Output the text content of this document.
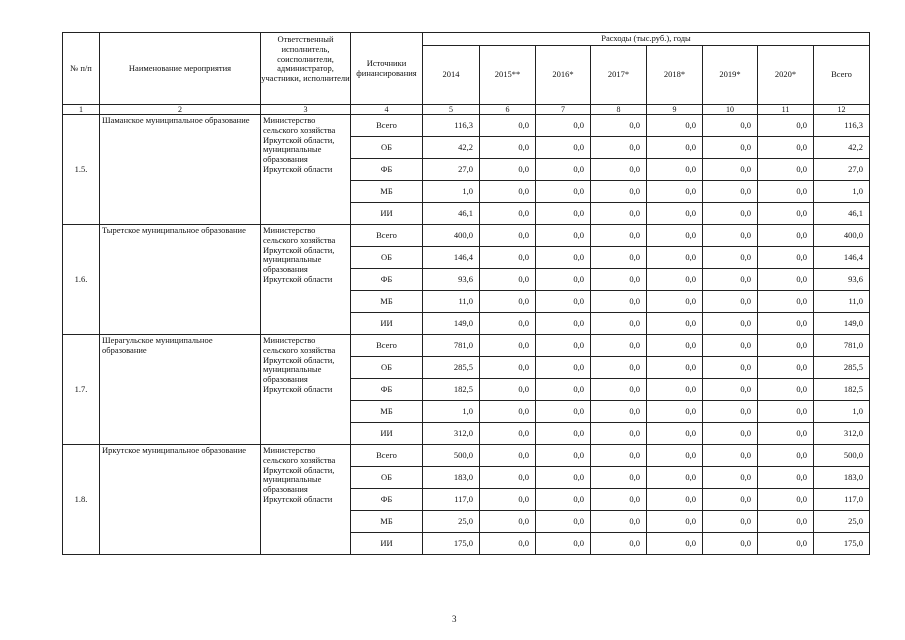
№ п/п	Наименование мероприятия	Ответственный исполнитель, соисполнители, администратор, участники, исполнители	Источники финансирования	Расходы (тыс.руб.), годы							
				2014	2015**	2016*	2017*	2018*	2019*	2020*	Всего
1	2	3	4	5	6	7	8	9	10	11	12
1.5.	Шаманское муниципальное образование	Министерство сельского хозяйства Иркутской области, муниципальные образования Иркутской области	Всего	116,3	0,0	0,0	0,0	0,0	0,0	0,0	116,3
			ОБ	42,2	0,0	0,0	0,0	0,0	0,0	0,0	42,2
			ФБ	27,0	0,0	0,0	0,0	0,0	0,0	0,0	27,0
			МБ	1,0	0,0	0,0	0,0	0,0	0,0	0,0	1,0
			ИИ	46,1	0,0	0,0	0,0	0,0	0,0	0,0	46,1
1.6.	Тыретское муниципальное образование	Министерство сельского хозяйства Иркутской области, муниципальные образования Иркутской области	Всего	400,0	0,0	0,0	0,0	0,0	0,0	0,0	400,0
			ОБ	146,4	0,0	0,0	0,0	0,0	0,0	0,0	146,4
			ФБ	93,6	0,0	0,0	0,0	0,0	0,0	0,0	93,6
			МБ	11,0	0,0	0,0	0,0	0,0	0,0	0,0	11,0
			ИИ	149,0	0,0	0,0	0,0	0,0	0,0	0,0	149,0
1.7.	Шерагульское муниципальное образование	Министерство сельского хозяйства Иркутской области, муниципальные образования Иркутской области	Всего	781,0	0,0	0,0	0,0	0,0	0,0	0,0	781,0
			ОБ	285,5	0,0	0,0	0,0	0,0	0,0	0,0	285,5
			ФБ	182,5	0,0	0,0	0,0	0,0	0,0	0,0	182,5
			МБ	1,0	0,0	0,0	0,0	0,0	0,0	0,0	1,0
			ИИ	312,0	0,0	0,0	0,0	0,0	0,0	0,0	312,0
1.8.	Иркутское муниципальное образование	Министерство сельского хозяйства Иркутской области, муниципальные образования Иркутской области	Всего	500,0	0,0	0,0	0,0	0,0	0,0	0,0	500,0
			ОБ	183,0	0,0	0,0	0,0	0,0	0,0	0,0	183,0
			ФБ	117,0	0,0	0,0	0,0	0,0	0,0	0,0	117,0
			МБ	25,0	0,0	0,0	0,0	0,0	0,0	0,0	25,0
			ИИ	175,0	0,0	0,0	0,0	0,0	0,0	0,0	175,0
3
